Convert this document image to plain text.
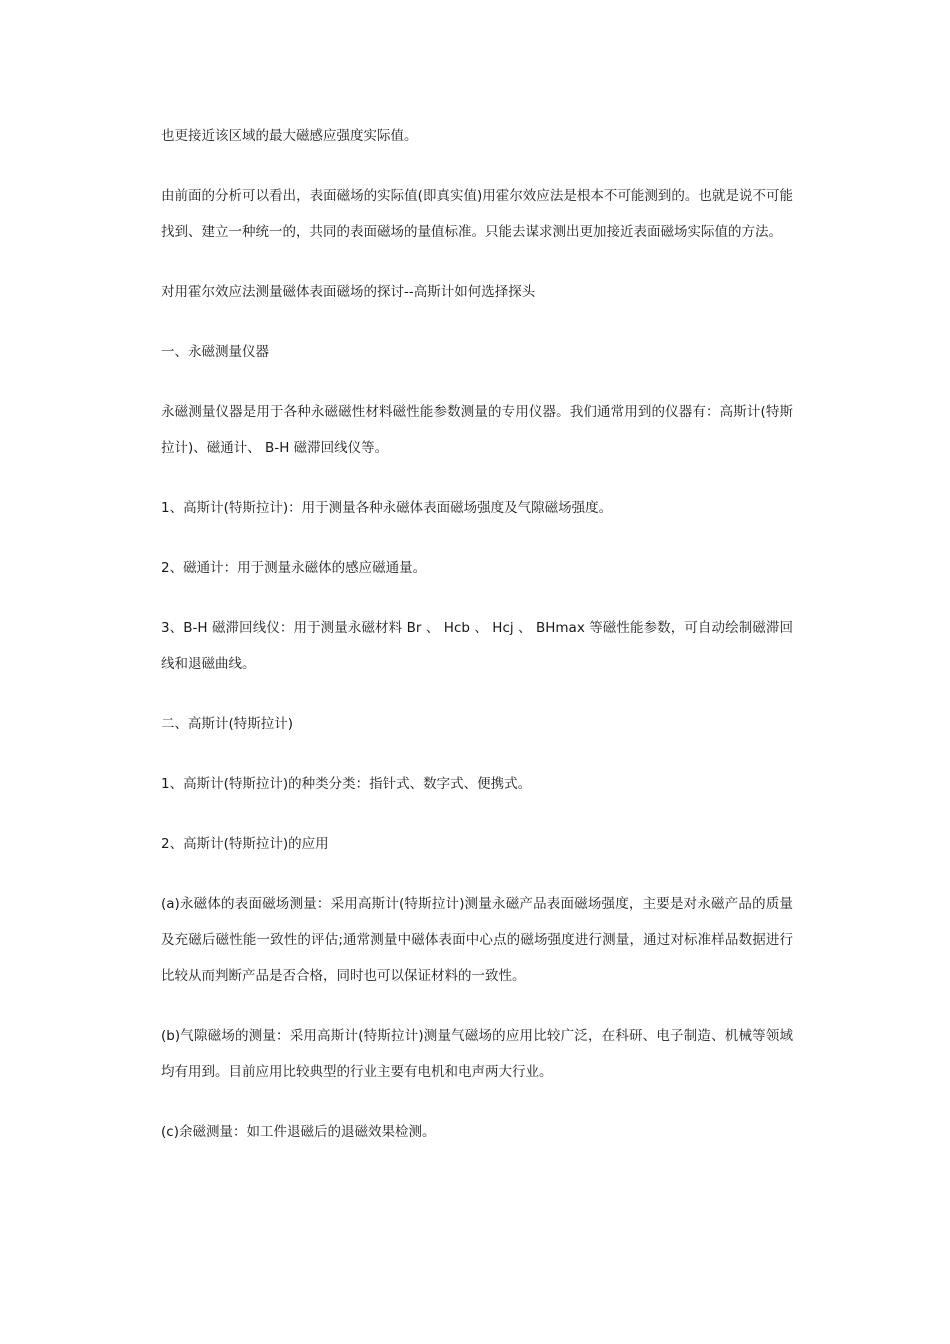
也更接近该区域的最大磁感应强度实际值。

由前面的分析可以看出，表面磁场的实际值(即真实值)用霍尔效应法是根本不可能测到的。也就是说不可能找到、建立一种统一的，共同的表面磁场的量值标准。只能去谋求测出更加接近表面磁场实际值的方法。

对用霍尔效应法测量磁体表面磁场的探讨--高斯计如何选择探头

一、永磁测量仪器

永磁测量仪器是用于各种永磁磁性材料磁性能参数测量的专用仪器。我们通常用到的仪器有：高斯计(特斯拉计)、磁通计、 B-H 磁滞回线仪等。

1、高斯计(特斯拉计)：用于测量各种永磁体表面磁场强度及气隙磁场强度。

2、磁通计：用于测量永磁体的感应磁通量。

3、B-H 磁滞回线仪：用于测量永磁材料 Br 、 Hcb 、 Hcj 、 BHmax 等磁性能参数，可自动绘制磁滞回线和退磁曲线。

二、高斯计(特斯拉计)

1、高斯计(特斯拉计)的种类分类：指针式、数字式、便携式。

2、高斯计(特斯拉计)的应用

(a)永磁体的表面磁场测量：采用高斯计(特斯拉计)测量永磁产品表面磁场强度，主要是对永磁产品的质量及充磁后磁性能一致性的评估;通常测量中磁体表面中心点的磁场强度进行测量，通过对标准样品数据进行比较从而判断产品是否合格，同时也可以保证材料的一致性。

(b)气隙磁场的测量：采用高斯计(特斯拉计)测量气磁场的应用比较广泛，在科研、电子制造、机械等领域均有用到。目前应用比较典型的行业主要有电机和电声两大行业。

(c)余磁测量：如工件退磁后的退磁效果检测。
